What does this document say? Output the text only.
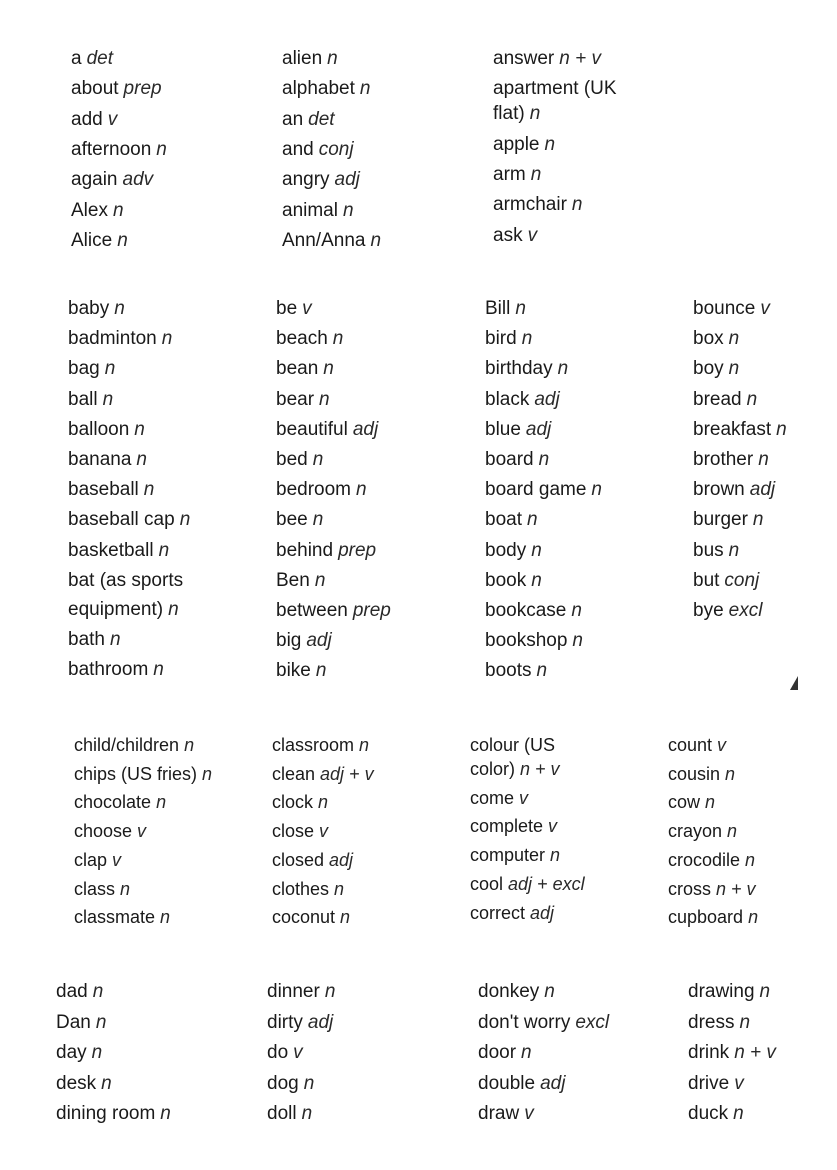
a det
about prep
add v
afternoon n
again adv
Alex n
Alice n
alien n
alphabet n
an det
and conj
angry adj
animal n
Ann/Anna n
answer n + v
apartment (UK
flat) n
apple n
arm n
armchair n
ask v
baby n
badminton n
bag n
ball n
balloon n
banana n
baseball n
baseball cap n
basketball n
bat (as sports
equipment) n
bath n
bathroom n
be v
beach n
bean n
bear n
beautiful adj
bed n
bedroom n
bee n
behind prep
Ben n
between prep
big adj
bike n
Bill n
bird n
birthday n
black adj
blue adj
board n
board game n
boat n
body n
book n
bookcase n
bookshop n
boots n
bounce v
box n
boy n
bread n
breakfast n
brother n
brown adj
burger n
bus n
but conj
bye excl
child/children n
chips (US fries) n
chocolate n
choose v
clap v
class n
classmate n
classroom n
clean adj + v
clock n
close v
closed adj
clothes n
coconut n
colour (US
color) n + v
come v
complete v
computer n
cool adj + excl
correct adj
count v
cousin n
cow n
crayon n
crocodile n
cross n + v
cupboard n
dad n
Dan n
day n
desk n
dining room n
dinner n
dirty adj
do v
dog n
doll n
donkey n
don't worry excl
door n
double adj
draw v
drawing n
dress n
drink n + v
drive v
duck n
